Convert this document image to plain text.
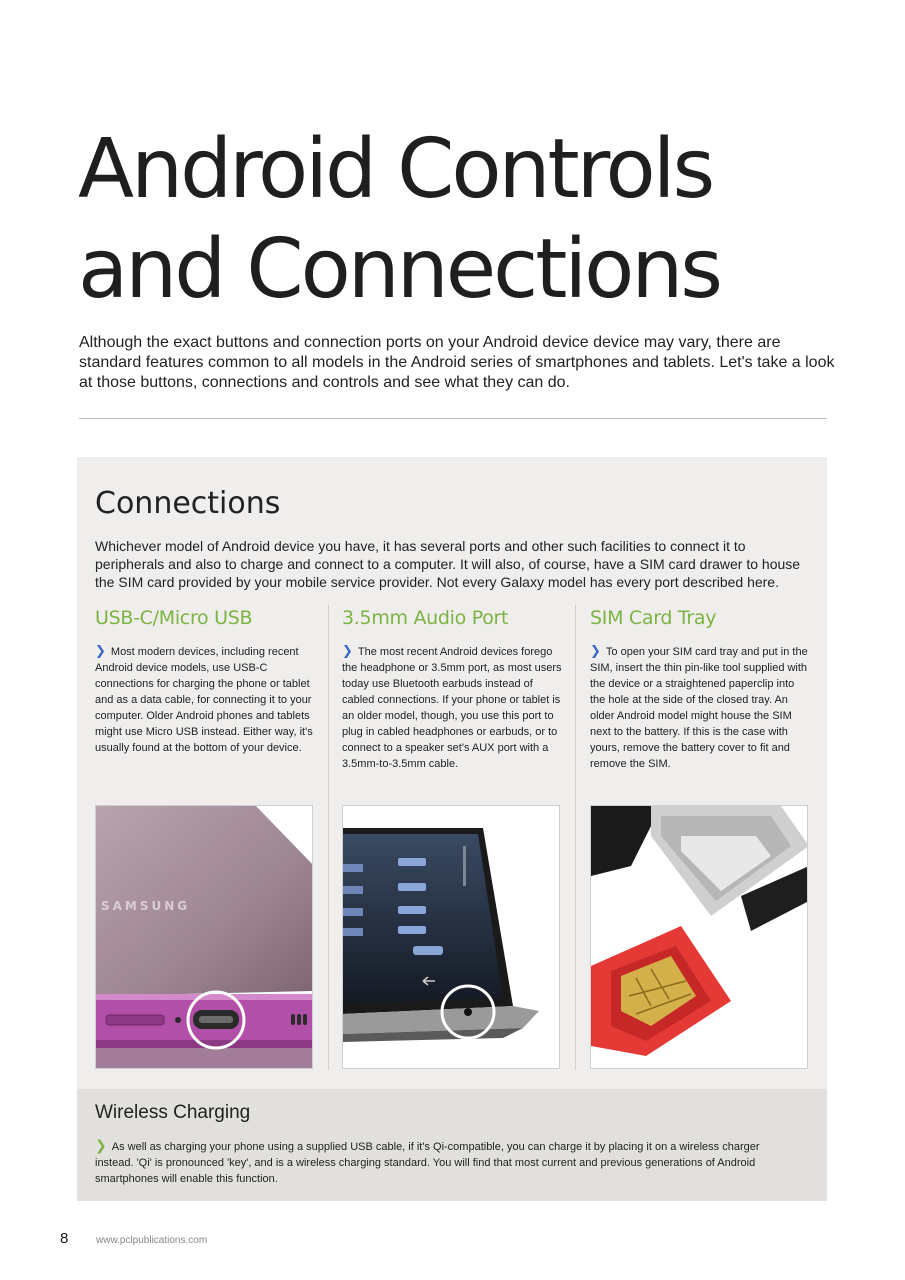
Android Controls and Connections

Although the exact buttons and connection ports on your Android device device may vary, there are standard features common to all models in the Android series of smartphones and tablets. Let's take a look at those buttons, connections and controls and see what they can do.

Connections

Whichever model of Android device you have, it has several ports and other such facilities to connect it to peripherals and also to charge and connect to a computer. It will also, of course, have a SIM card drawer to house the SIM card provided by your mobile service provider. Not every Galaxy model has every port described here.

USB-C/Micro USB

❯ Most modern devices, including recent Android device models, use USB-C connections for charging the phone or tablet and as a data cable, for connecting it to your computer. Older Android phones and tablets might use Micro USB instead. Either way, it's usually found at the bottom of your device.

3.5mm Audio Port

❯ The most recent Android devices forego the headphone or 3.5mm port, as most users today use Bluetooth earbuds instead of cabled connections. If your phone or tablet is an older model, though, you use this port to plug in cabled headphones or earbuds, or to connect to a speaker set's AUX port with a 3.5mm-to-3.5mm cable.

SIM Card Tray

❯ To open your SIM card tray and put in the SIM, insert the thin pin-like tool supplied with the device or a straightened paperclip into the hole at the side of the closed tray. An older Android model might house the SIM next to the battery. If this is the case with yours, remove the battery cover to fit and remove the SIM.

SAMSUNG
Wireless Charging

❯ As well as charging your phone using a supplied USB cable, if it's Qi-compatible, you can charge it by placing it on a wireless charger instead. 'Qi' is pronounced 'key', and is a wireless charging standard. You will find that most current and previous generations of Android smartphones will enable this function.

8	www.pclpublications.com
